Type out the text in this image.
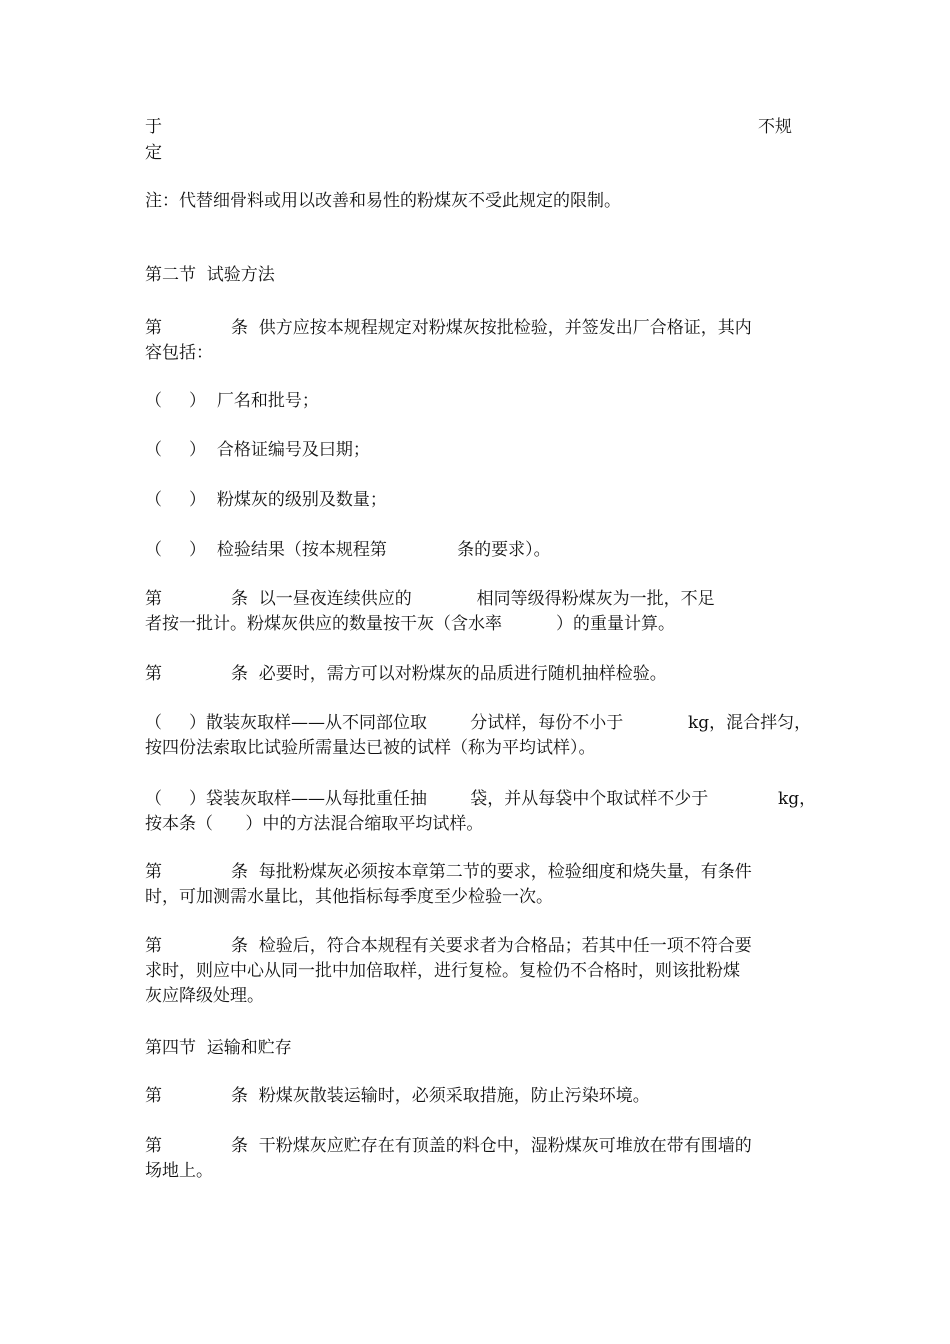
于	不规
定
注：代替细骨料或用以改善和易性的粉煤灰不受此规定的限制。
第二节  试验方法
第	条  供方应按本规程规定对粉煤灰按批检验，并签发出厂合格证，其内
容包括：
（     ）  厂名和批号；
（     ）  合格证编号及曰期；
（     ）  粉煤灰的级别及数量；
（     ）  检验结果（按本规程第             条的要求）。
第	条  以一昼夜连续供应的            相同等级得粉煤灰为一批，不足
者按一批计。粉煤灰供应的数量按干灰（含水率          ）的重量计算。
第	条  必要时，需方可以对粉煤灰的品质进行随机抽样检验。
（     ）散装灰取样——从不同部位取        分试样，每份不小于	kg，混合拌匀，
按四份法索取比试验所需量达已被的试样（称为平均试样）。
（     ）袋装灰取样——从每批重任抽        袋，并从每袋中个取试样不少于	kg，
按本条（      ）中的方法混合缩取平均试样。
第	条  每批粉煤灰必须按本章第二节的要求，检验细度和烧失量，有条件
时，可加测需水量比，其他指标每季度至少检验一次。
第	条  检验后，符合本规程有关要求者为合格品；若其中任一项不符合要
求时，则应中心从同一批中加倍取样，进行复检。复检仍不合格时，则该批粉煤
灰应降级处理。
第四节  运输和贮存
第	条  粉煤灰散装运输时，必须采取措施，防止污染环境。
第	条  干粉煤灰应贮存在有顶盖的料仓中，湿粉煤灰可堆放在带有围墙的
场地上。
